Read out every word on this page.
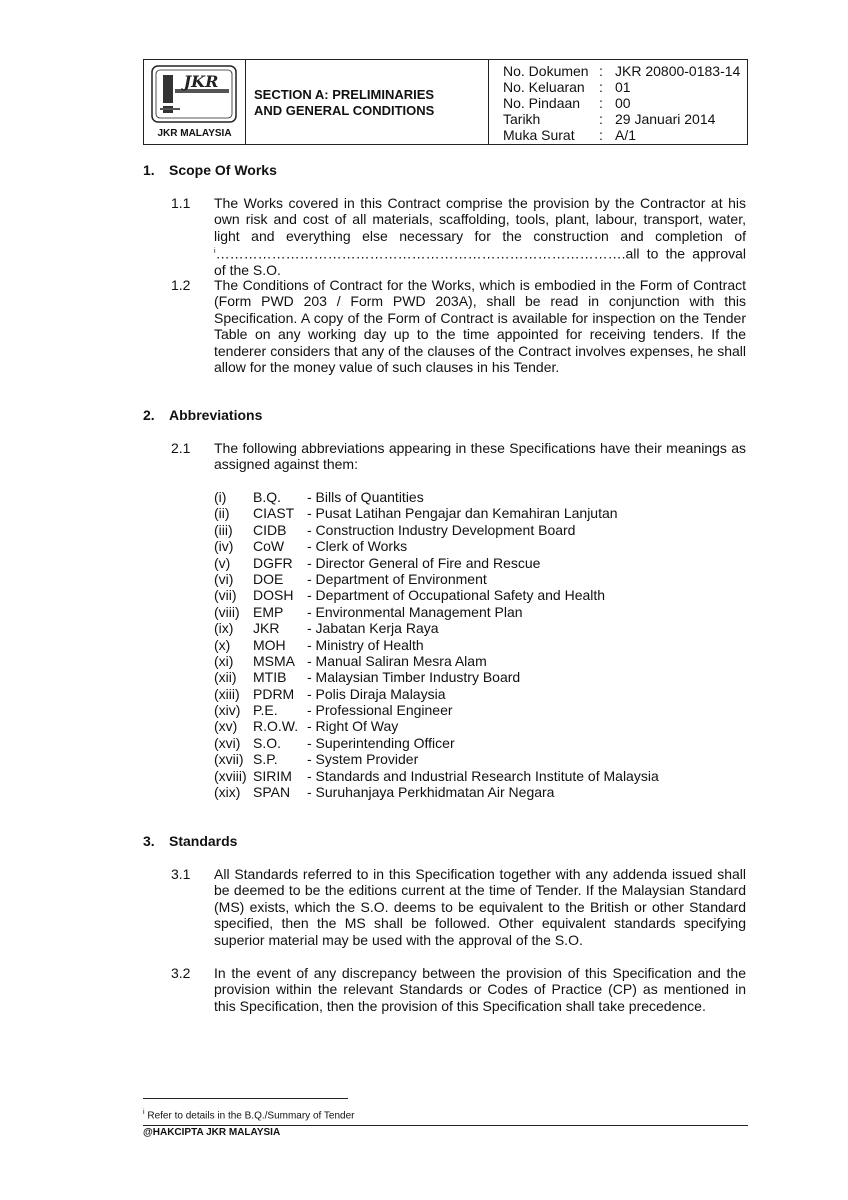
JKR
JKR MALAYSIA
SECTION A: PRELIMINARIES
AND GENERAL CONDITIONS
No. Dokumen : JKR 20800-0183-14
No. Keluaran	: 01
No. Pindaan	: 00
Tarikh	: 29 Januari 2014
Muka Surat	: A/1
1. Scope Of Works
1.1 The Works covered in this Contract comprise the provision by the Contractor at his own risk and cost of all materials, scaffolding, tools, plant, labour, transport, water, light and everything else necessary for the construction and completion of $^i$…………………………………………………………………………….all to the approval of the S.O.
1.2 The Conditions of Contract for the Works, which is embodied in the Form of Contract (Form PWD 203 / Form PWD 203A), shall be read in conjunction with this Specification. A copy of the Form of Contract is available for inspection on the Tender Table on any working day up to the time appointed for receiving tenders. If the tenderer considers that any of the clauses of the Contract involves expenses, he shall allow for the money value of such clauses in his Tender.
2. Abbreviations
2.1 The following abbreviations appearing in these Specifications have their meanings as assigned against them:
(i) B.Q. - Bills of Quantities
(ii) CIAST - Pusat Latihan Pengajar dan Kemahiran Lanjutan
(iii) CIDB - Construction Industry Development Board
(iv) CoW - Clerk of Works
(v) DGFR - Director General of Fire and Rescue
(vi) DOE - Department of Environment
(vii) DOSH - Department of Occupational Safety and Health
(viii) EMP - Environmental Management Plan
(ix) JKR - Jabatan Kerja Raya
(x) MOH - Ministry of Health
(xi) MSMA - Manual Saliran Mesra Alam
(xii) MTIB - Malaysian Timber Industry Board
(xiii) PDRM - Polis Diraja Malaysia
(xiv) P.E. - Professional Engineer
(xv) R.O.W. - Right Of Way
(xvi) S.O. - Superintending Officer
(xvii) S.P. - System Provider
(xviii) SIRIM - Standards and Industrial Research Institute of Malaysia
(xix) SPAN - Suruhanjaya Perkhidmatan Air Negara
3. Standards
3.1 All Standards referred to in this Specification together with any addenda issued shall be deemed to be the editions current at the time of Tender. If the Malaysian Standard (MS) exists, which the S.O. deems to be equivalent to the British or other Standard specified, then the MS shall be followed. Other equivalent standards specifying superior material may be used with the approval of the S.O.
3.2 In the event of any discrepancy between the provision of this Specification and the provision within the relevant Standards or Codes of Practice (CP) as mentioned in this Specification, then the provision of this Specification shall take precedence.
$^i$ Refer to details in the B.Q./Summary of Tender
@HAKCIPTA JKR MALAYSIA
